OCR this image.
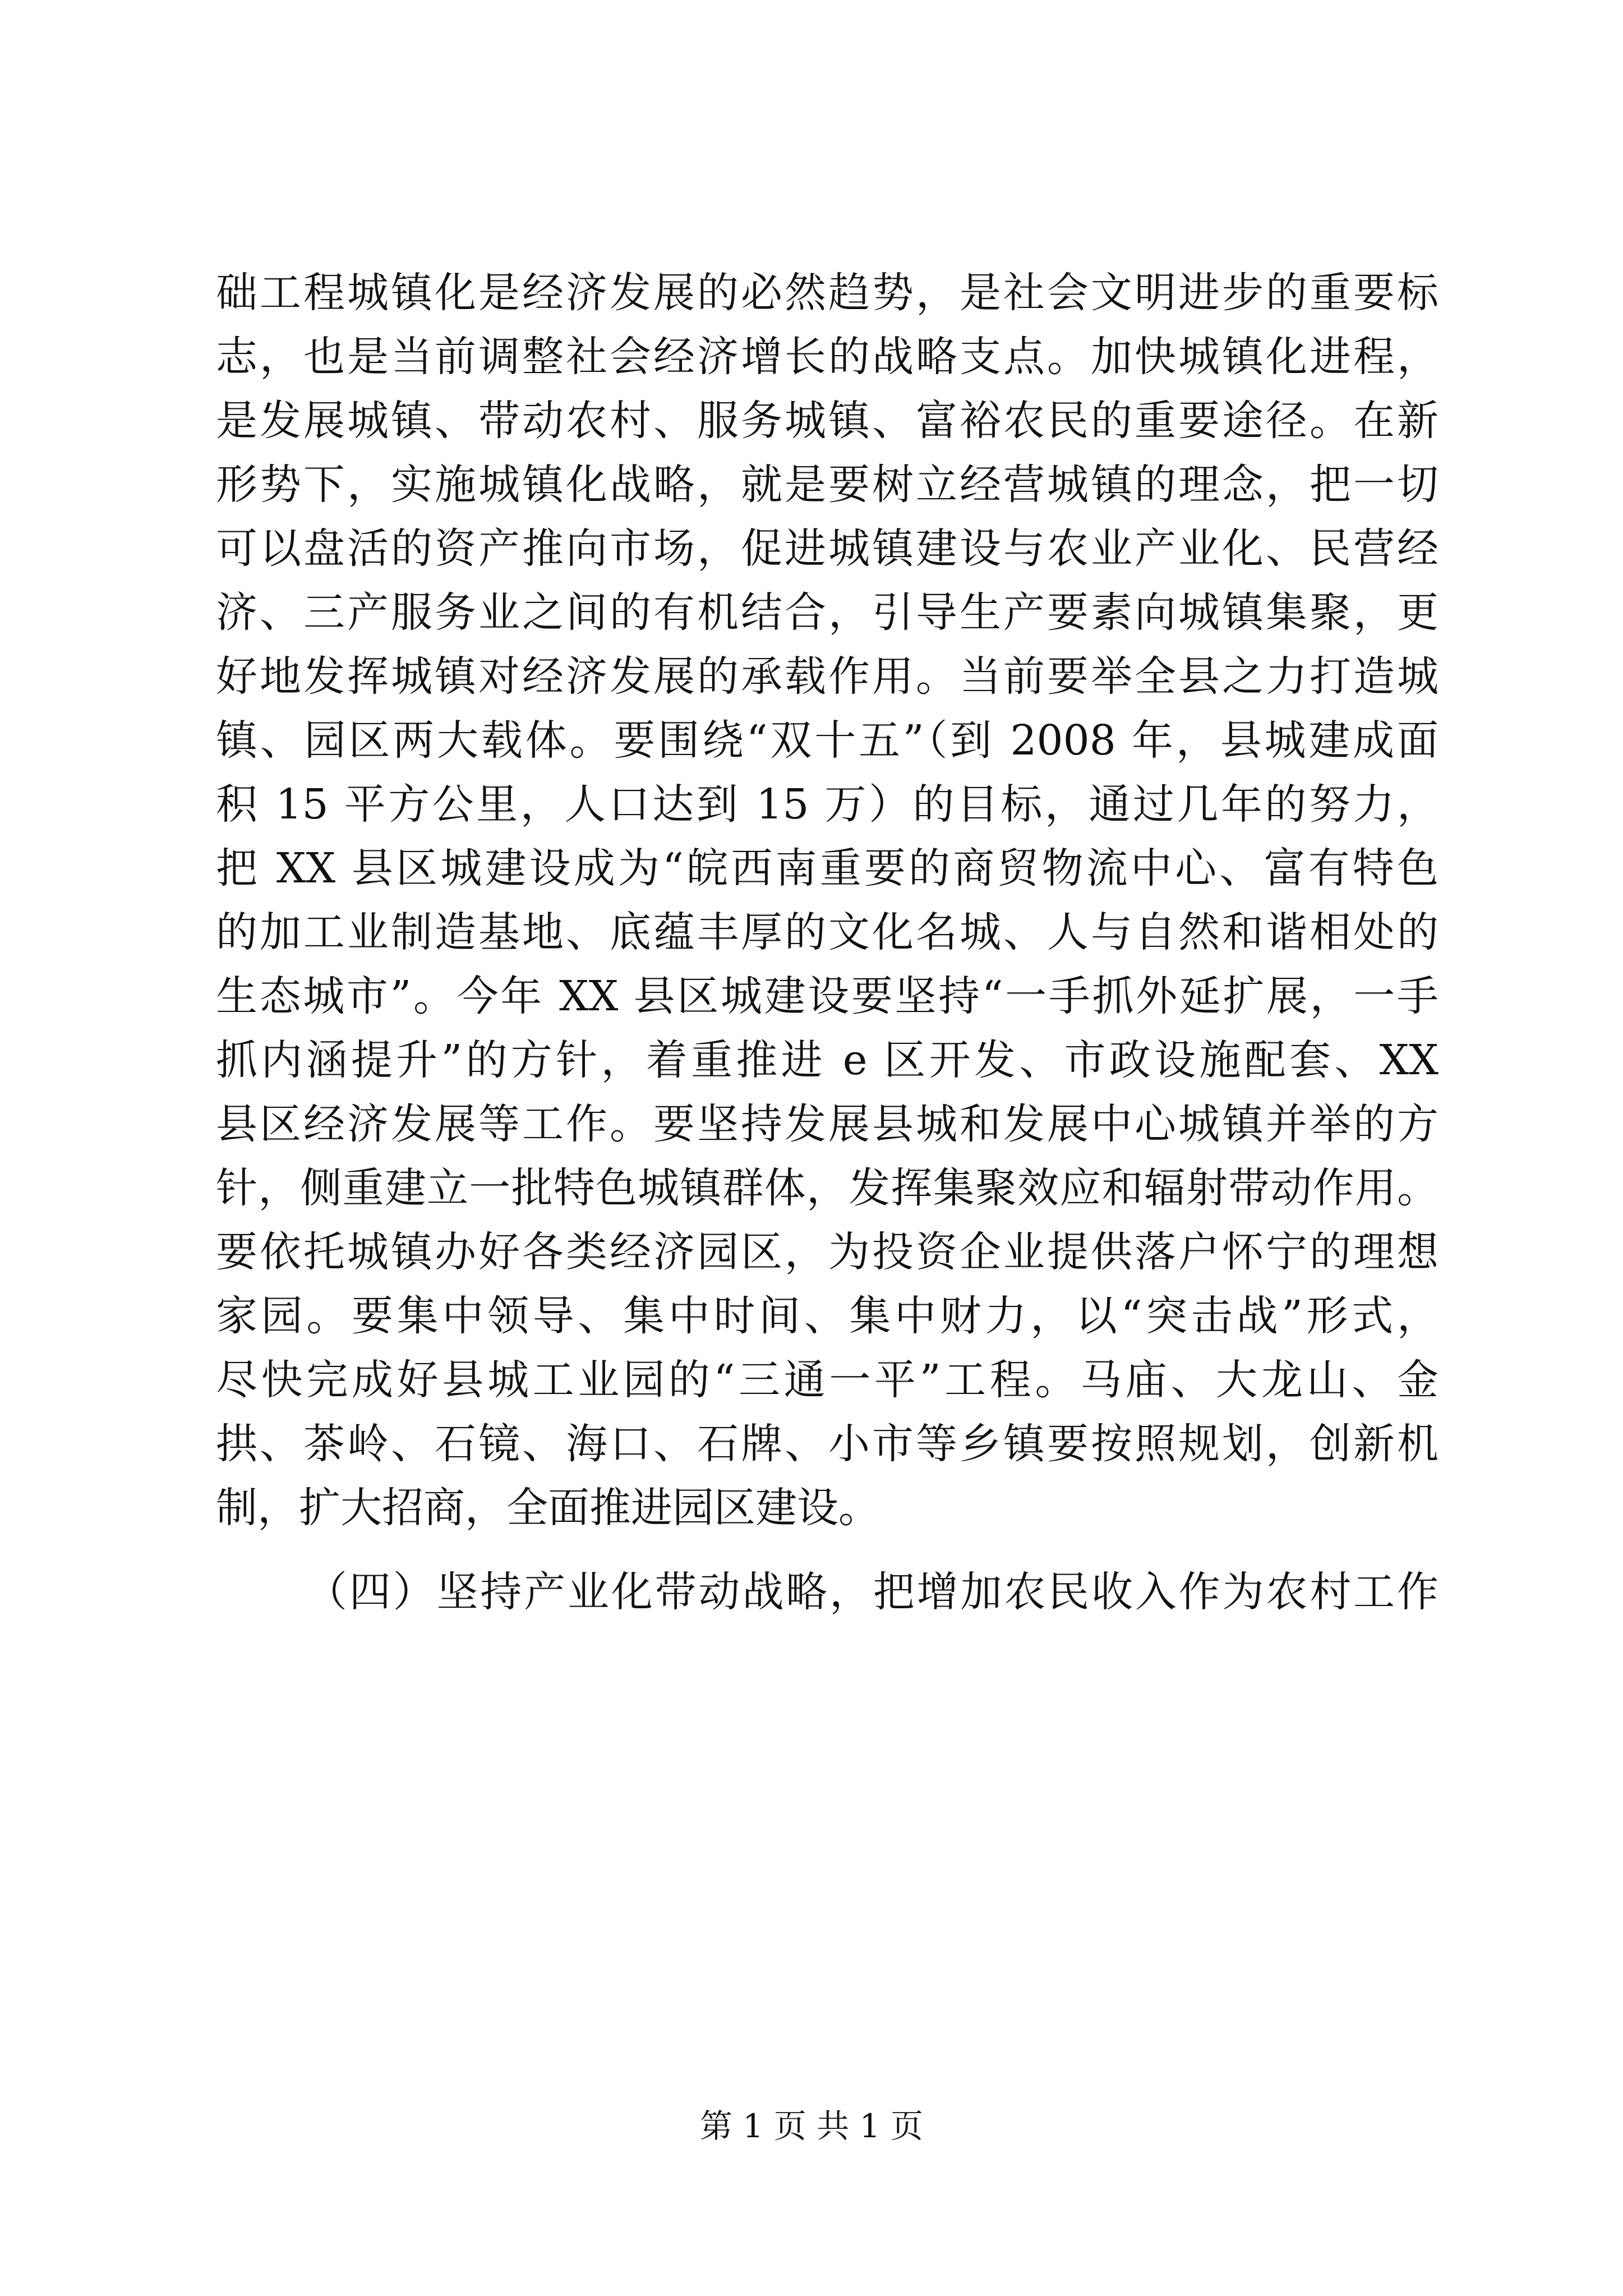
础工程城镇化是经济发展的必然趋势，是社会文明进步的重要标
志，也是当前调整社会经济增长的战略支点。加快城镇化进程，
是发展城镇、带动农村、服务城镇、富裕农民的重要途径。在新
形势下，实施城镇化战略，就是要树立经营城镇的理念，把一切
可以盘活的资产推向市场，促进城镇建设与农业产业化、民营经
济、三产服务业之间的有机结合，引导生产要素向城镇集聚，更
好地发挥城镇对经济发展的承载作用。当前要举全县之力打造城
镇、园区两大载体。要围绕“双十五”（到 2008 年，县城建成面
积 15 平方公里，人口达到 15 万）的目标，通过几年的努力，
把 XX 县区城建设成为“皖西南重要的商贸物流中心、富有特色
的加工业制造基地、底蕴丰厚的文化名城、人与自然和谐相处的
生态城市”。今年 XX 县区城建设要坚持“一手抓外延扩展，一手
抓内涵提升”的方针，着重推进 e 区开发、市政设施配套、XX
县区经济发展等工作。要坚持发展县城和发展中心城镇并举的方
针，侧重建立一批特色城镇群体，发挥集聚效应和辐射带动作用。
要依托城镇办好各类经济园区，为投资企业提供落户怀宁的理想
家园。要集中领导、集中时间、集中财力，以“突击战”形式，
尽快完成好县城工业园的“三通一平”工程。马庙、大龙山、金
拱、茶岭、石镜、海口、石牌、小市等乡镇要按照规划，创新机
制，扩大招商，全面推进园区建设。
（四）坚持产业化带动战略，把增加农民收入作为农村工作
第 1 页 共 1 页
